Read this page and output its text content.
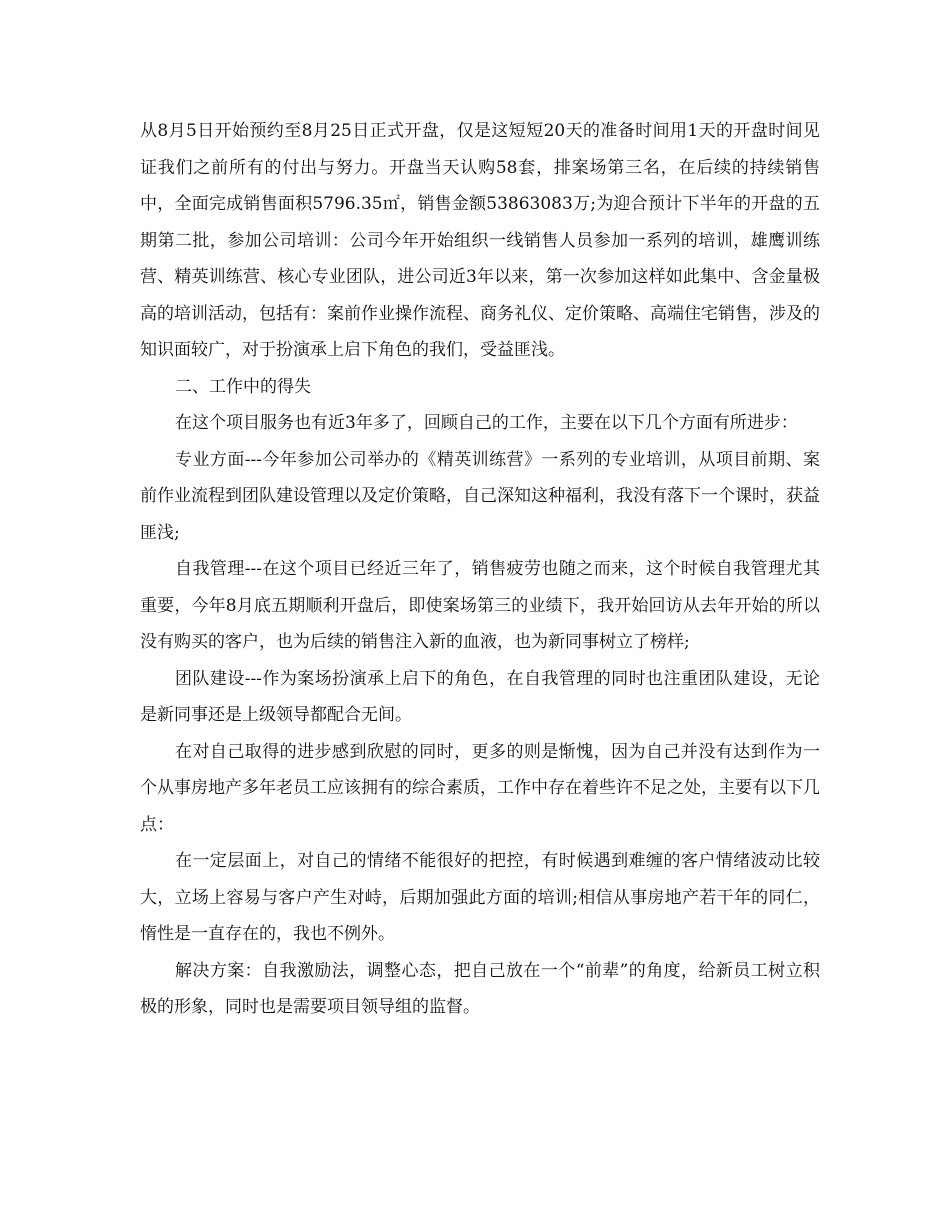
从8月5日开始预约至8月25日正式开盘，仅是这短短20天的准备时间用1天的开盘时间见证我们之前所有的付出与努力。开盘当天认购58套，排案场第三名，在后续的持续销售中，全面完成销售面积5796.35㎡，销售金额53863083万;为迎合预计下半年的开盘的五期第二批，参加公司培训：公司今年开始组织一线销售人员参加一系列的培训，雄鹰训练营、精英训练营、核心专业团队，进公司近3年以来，第一次参加这样如此集中、含金量极高的培训活动，包括有：案前作业操作流程、商务礼仪、定价策略、高端住宅销售，涉及的知识面较广，对于扮演承上启下角色的我们，受益匪浅。

二、工作中的得失

在这个项目服务也有近3年多了，回顾自己的工作，主要在以下几个方面有所进步：

专业方面---今年参加公司举办的《精英训练营》一系列的专业培训，从项目前期、案前作业流程到团队建设管理以及定价策略，自己深知这种福利，我没有落下一个课时，获益匪浅;

自我管理---在这个项目已经近三年了，销售疲劳也随之而来，这个时候自我管理尤其重要，今年8月底五期顺利开盘后，即使案场第三的业绩下，我开始回访从去年开始的所以没有购买的客户，也为后续的销售注入新的血液，也为新同事树立了榜样;

团队建设---作为案场扮演承上启下的角色，在自我管理的同时也注重团队建设，无论是新同事还是上级领导都配合无间。

在对自己取得的进步感到欣慰的同时，更多的则是惭愧，因为自己并没有达到作为一个从事房地产多年老员工应该拥有的综合素质，工作中存在着些许不足之处，主要有以下几点：

在一定层面上，对自己的情绪不能很好的把控，有时候遇到难缠的客户情绪波动比较大，立场上容易与客户产生对峙，后期加强此方面的培训;相信从事房地产若干年的同仁，惰性是一直存在的，我也不例外。

解决方案：自我激励法，调整心态，把自己放在一个“前辈”的角度，给新员工树立积极的形象，同时也是需要项目领导组的监督。
